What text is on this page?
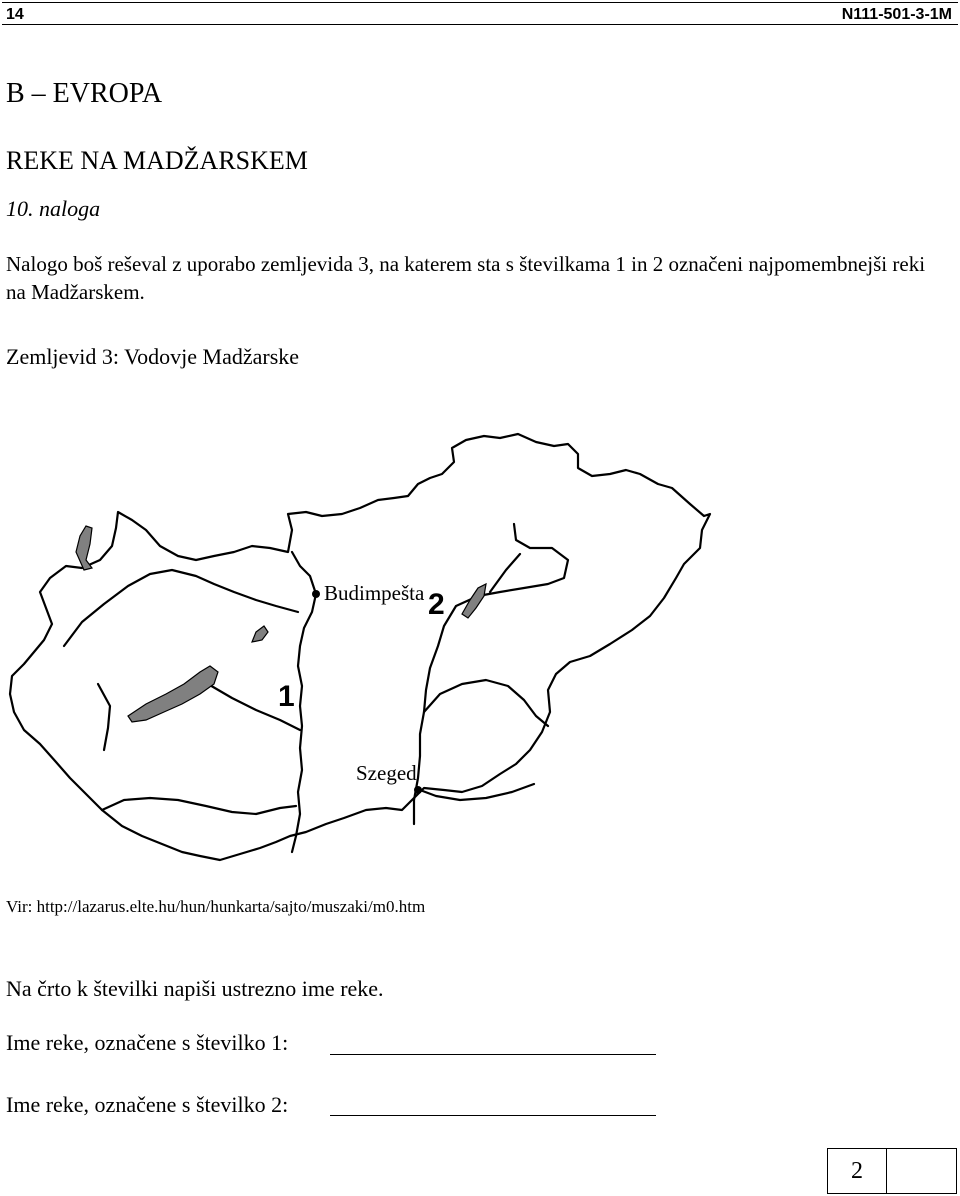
14	N111-501-3-1M
B – EVROPA
REKE NA MADŽARSKEM
10. naloga
Nalogo boš reševal z uporabo zemljevida 3, na katerem sta s številkama 1 in 2 označeni najpomembnejši reki na Madžarskem.
Zemljevid 3: Vodovje Madžarske
Budimpešta
Szeged
1
2
Vir: http://lazarus.elte.hu/hun/hunkarta/sajto/muszaki/m0.htm
Na črto k številki napiši ustrezno ime reke.
Ime reke, označene s številko 1:
Ime reke, označene s številko 2:
2
